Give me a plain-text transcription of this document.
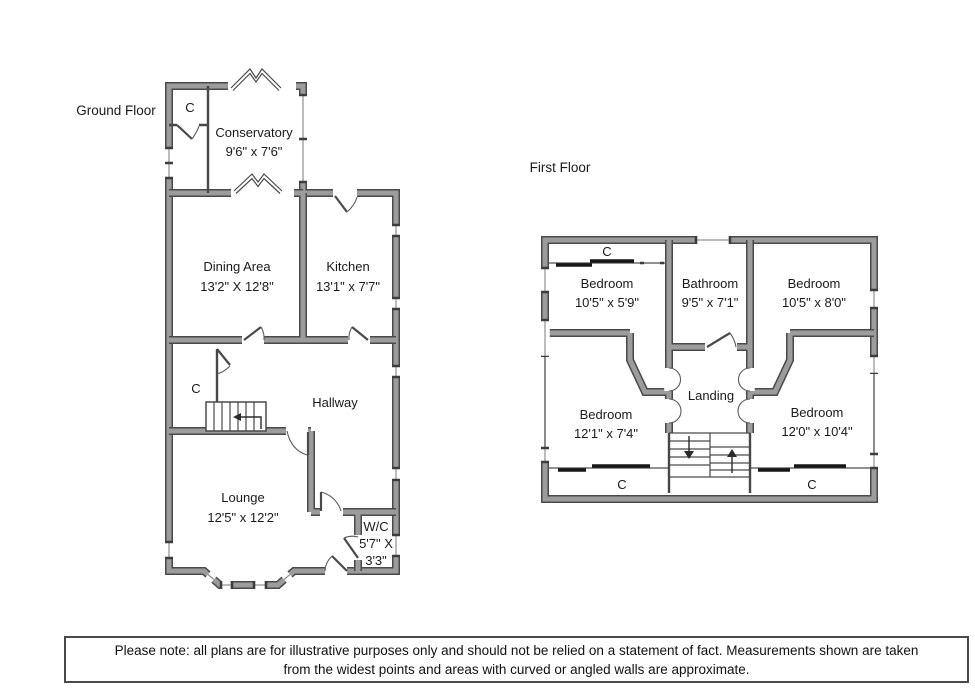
Ground Floor C
Conservatory
9'6" x 7'6"
Dining Area
13'2" X 12'8"
Kitchen
13'1" x 7'7"
C
Hallway
Lounge
12'5" x 12'2"
W/C
5'7" X
3'3"
First Floor
C
Bedroom
10'5" x 5'9"
Bathroom
9'5" x 7'1"
Bedroom
10'5" x 8'0"
Landing
Bedroom
12'1" x 7'4"
Bedroom
12'0" x 10'4"
C	C
Please note: all plans are for illustrative purposes only and should not be relied on a statement of fact. Measurements shown are taken
from the widest points and areas with curved or angled walls are approximate.
